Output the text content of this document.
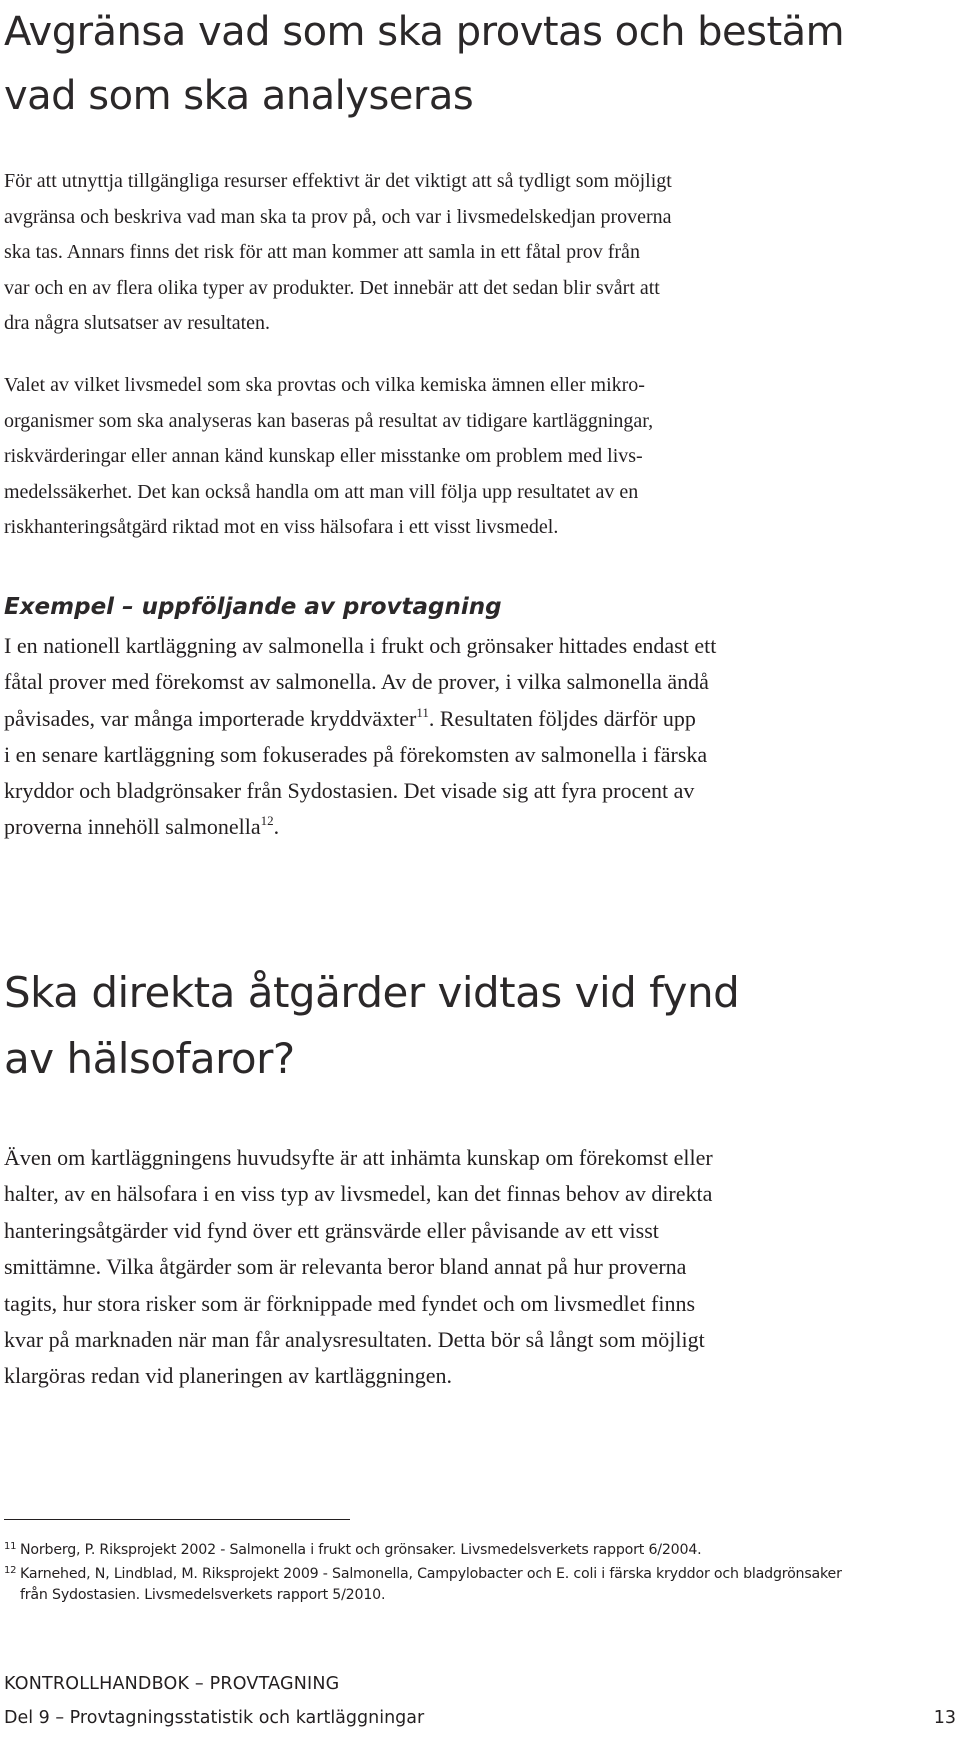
Avgränsa vad som ska provtas och bestäm
vad som ska analyseras

För att utnyttja tillgängliga resurser effektivt är det viktigt att så tydligt som möjligt
avgränsa och beskriva vad man ska ta prov på, och var i livsmedelskedjan proverna
ska tas. Annars finns det risk för att man kommer att samla in ett fåtal prov från
var och en av flera olika typer av produkter. Det innebär att det sedan blir svårt att
dra några slutsatser av resultaten.

Valet av vilket livsmedel som ska provtas och vilka kemiska ämnen eller mikro-
organismer som ska analyseras kan baseras på resultat av tidigare kartläggningar,
riskvärderingar eller annan känd kunskap eller misstanke om problem med livs-
medelssäkerhet. Det kan också handla om att man vill följa upp resultatet av en
riskhanteringsåtgärd riktad mot en viss hälsofara i ett visst livsmedel.

Exempel – uppföljande av provtagning

I en nationell kartläggning av salmonella i frukt och grönsaker hittades endast ett
fåtal prover med förekomst av salmonella. Av de prover, i vilka salmonella ändå
påvisades, var många importerade kryddväxter$^{11}$. Resultaten följdes därför upp
i en senare kartläggning som fokuserades på förekomsten av salmonella i färska
kryddor och bladgrönsaker från Sydostasien. Det visade sig att fyra procent av
proverna innehöll salmonella$^{12}$.

Ska direkta åtgärder vidtas vid fynd
av hälsofaror?

Även om kartläggningens huvudsyfte är att inhämta kunskap om förekomst eller
halter, av en hälsofara i en viss typ av livsmedel, kan det finnas behov av direkta
hanteringsåtgärder vid fynd över ett gränsvärde eller påvisande av ett visst
smittämne. Vilka åtgärder som är relevanta beror bland annat på hur proverna
tagits, hur stora risker som är förknippade med fyndet och om livsmedlet finns
kvar på marknaden när man får analysresultaten. Detta bör så långt som möjligt
klargöras redan vid planeringen av kartläggningen.

11 Norberg, P. Riksprojekt 2002 - Salmonella i frukt och grönsaker. Livsmedelsverkets rapport 6/2004.

12 Karnehed, N, Lindblad, M. Riksprojekt 2009 - Salmonella, Campylobacter och E. coli i färska kryddor och bladgrönsaker
från Sydostasien. Livsmedelsverkets rapport 5/2010.

KONTROLLHANDBOK – PROVTAGNING
Del 9 – Provtagningsstatistik och kartläggningar	13
